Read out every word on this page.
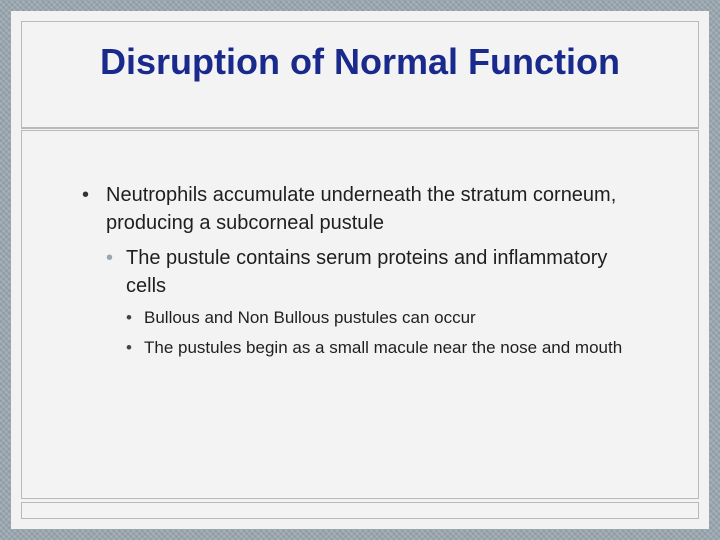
Disruption of Normal Function
• Neutrophils accumulate underneath the stratum corneum, producing a subcorneal pustule
• The pustule contains serum proteins and inflammatory cells
• Bullous and Non Bullous pustules can occur
• The pustules begin as a small macule near the nose and mouth
